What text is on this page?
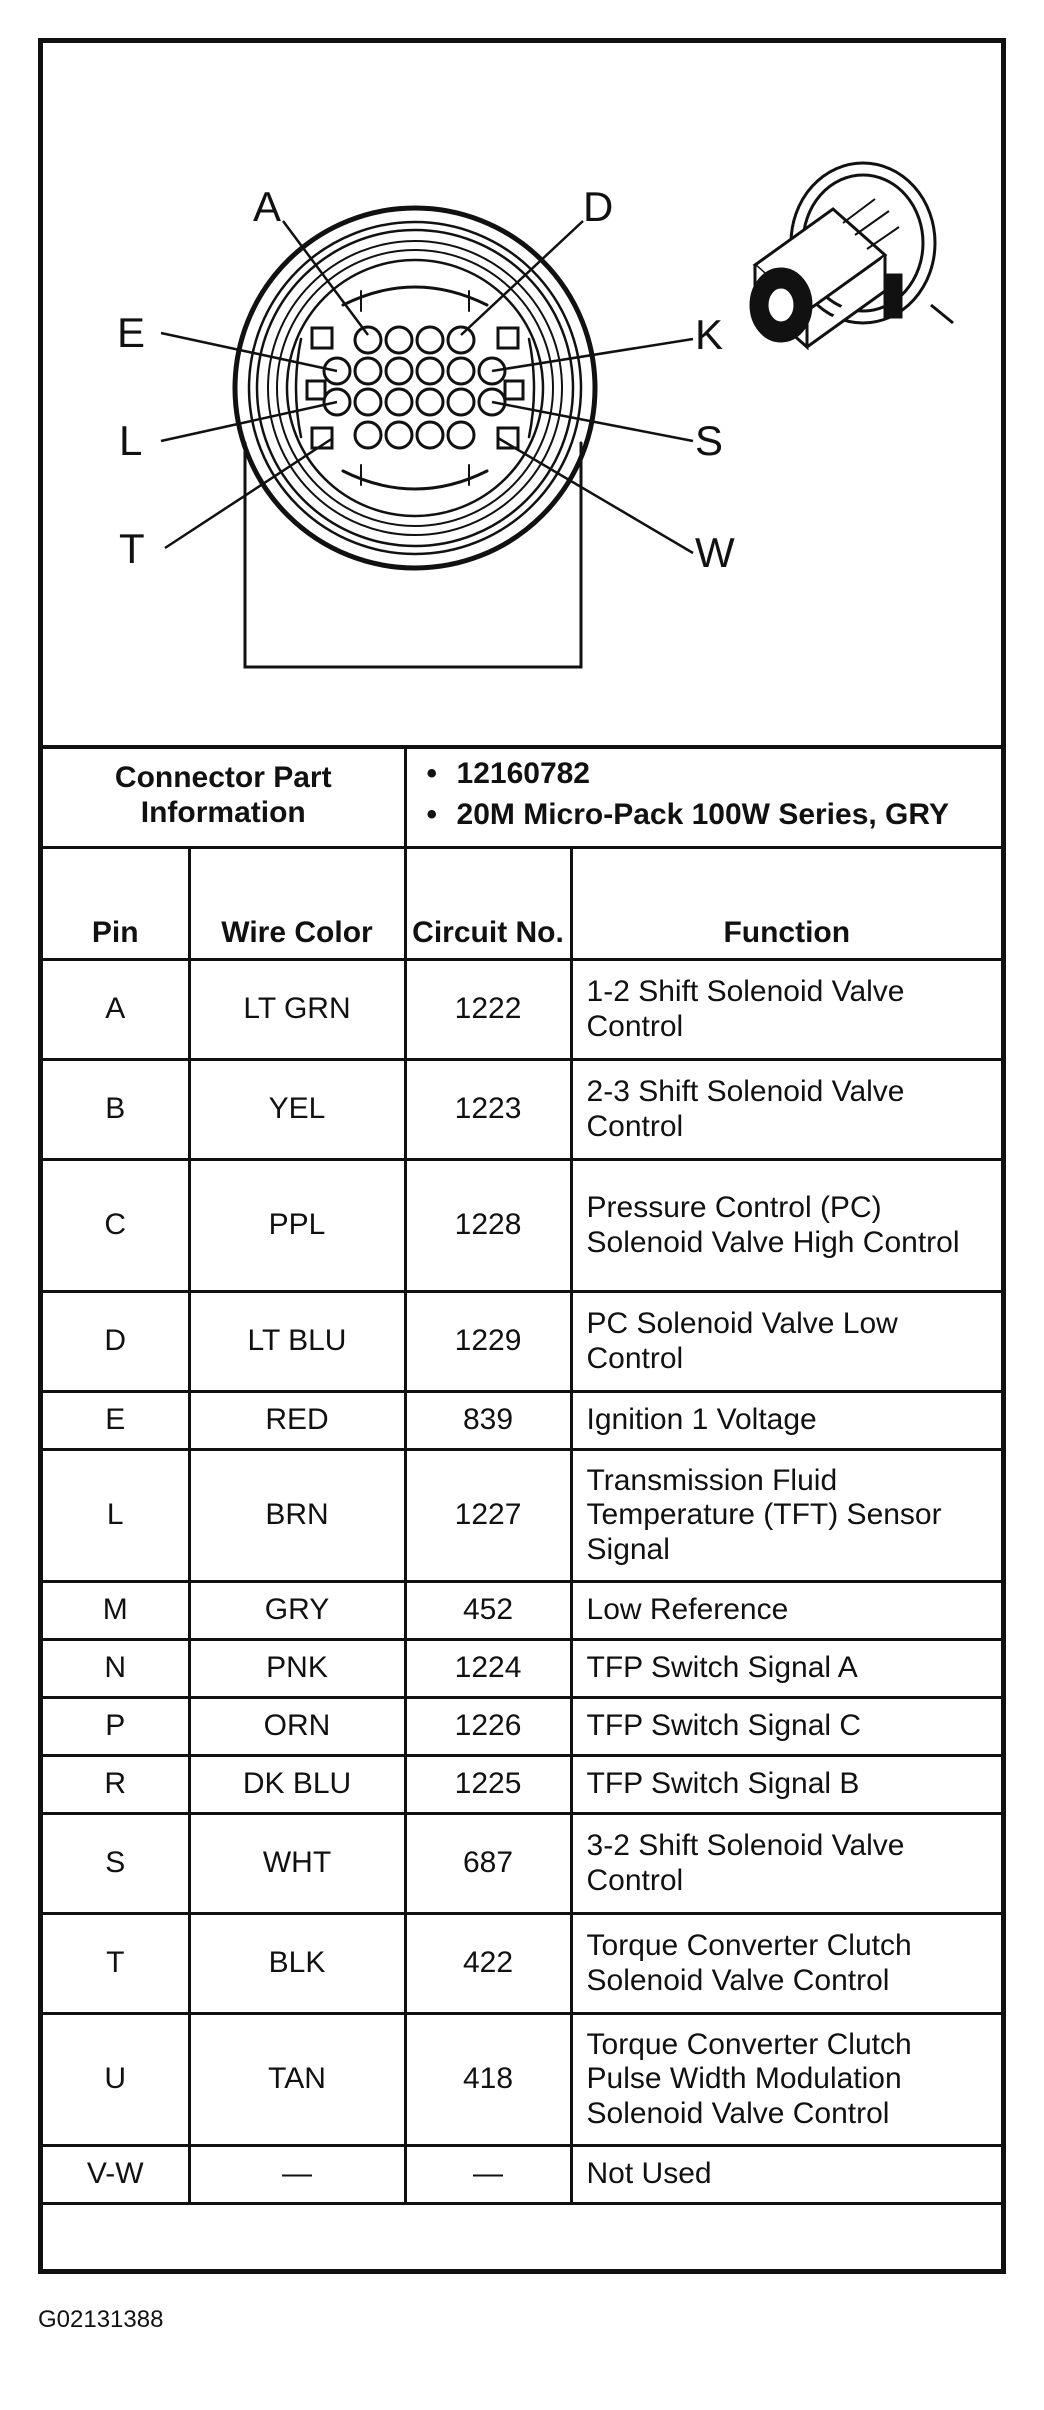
A	D
E	K
L	S
T	W
Connector Part Information		• 12160782
• 20M Micro-Pack 100W Series, GRY	

Pin	Wire Color	Circuit No.	Function
A	LT GRN	1222	1-2 Shift Solenoid Valve Control
B	YEL	1223	2-3 Shift Solenoid Valve Control
C	PPL	1228	Pressure Control (PC) Solenoid Valve High Control
D	LT BLU	1229	PC Solenoid Valve Low Control
E	RED	839	Ignition 1 Voltage
L	BRN	1227	Transmission Fluid Temperature (TFT) Sensor Signal
M	GRY	452	Low Reference
N	PNK	1224	TFP Switch Signal A
P	ORN	1226	TFP Switch Signal C
R	DK BLU	1225	TFP Switch Signal B
S	WHT	687	3-2 Shift Solenoid Valve Control
T	BLK	422	Torque Converter Clutch Solenoid Valve Control
U	TAN	418	Torque Converter Clutch Pulse Width Modulation Solenoid Valve Control
V-W	—	—	Not Used
G02131388
